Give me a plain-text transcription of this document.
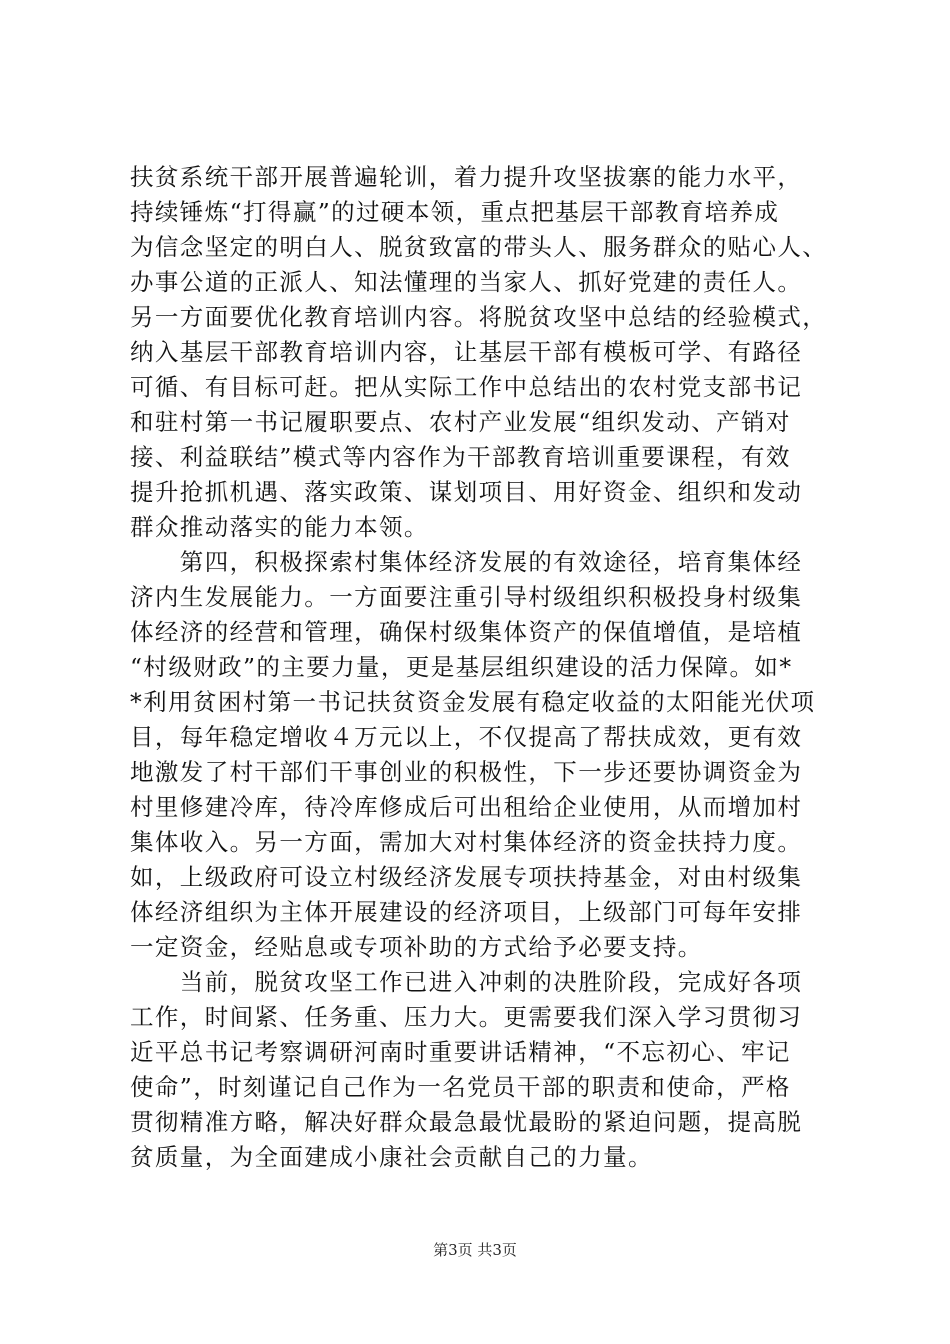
扶贫系统干部开展普遍轮训，着力提升攻坚拔寨的能力水平，
持续锤炼“打得赢”的过硬本领，重点把基层干部教育培养成
为信念坚定的明白人、脱贫致富的带头人、服务群众的贴心人、
办事公道的正派人、知法懂理的当家人、抓好党建的责任人。
另一方面要优化教育培训内容。将脱贫攻坚中总结的经验模式，
纳入基层干部教育培训内容，让基层干部有模板可学、有路径
可循、有目标可赶。把从实际工作中总结出的农村党支部书记
和驻村第一书记履职要点、农村产业发展“组织发动、产销对
接、利益联结”模式等内容作为干部教育培训重要课程，有效
提升抢抓机遇、落实政策、谋划项目、用好资金、组织和发动
群众推动落实的能力本领。
　　第四，积极探索村集体经济发展的有效途径，培育集体经
济内生发展能力。一方面要注重引导村级组织积极投身村级集
体经济的经营和管理，确保村级集体资产的保值增值，是培植
“村级财政”的主要力量，更是基层组织建设的活力保障。如*
*利用贫困村第一书记扶贫资金发展有稳定收益的太阳能光伏项
目，每年稳定增收４万元以上，不仅提高了帮扶成效，更有效
地激发了村干部们干事创业的积极性，下一步还要协调资金为
村里修建冷库，待冷库修成后可出租给企业使用，从而增加村
集体收入。另一方面，需加大对村集体经济的资金扶持力度。
如，上级政府可设立村级经济发展专项扶持基金，对由村级集
体经济组织为主体开展建设的经济项目，上级部门可每年安排
一定资金，经贴息或专项补助的方式给予必要支持。
　　当前，脱贫攻坚工作已进入冲刺的决胜阶段，完成好各项
工作，时间紧、任务重、压力大。更需要我们深入学习贯彻习
近平总书记考察调研河南时重要讲话精神，“不忘初心、牢记
使命”，时刻谨记自己作为一名党员干部的职责和使命，严格
贯彻精准方略，解决好群众最急最忧最盼的紧迫问题，提高脱
贫质量，为全面建成小康社会贡献自己的力量。
第3页 共3页
